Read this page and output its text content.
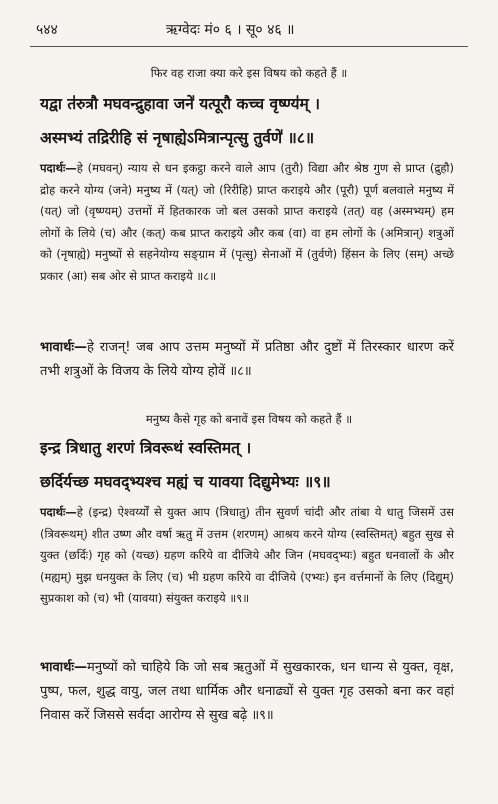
५४४	ऋग्वेदः मं० ६ । सू० ४६ ॥
फिर वह राजा क्या करे इस विषय को कहते हैं ॥
यद्वा त॑रुत्रौ मघवन्द्रुहावा जने॑ यत्पूरौ कच्च वृष्ण्य॑म् ।
अस्मभ्यं तद्रिरीहि सं नृषाह्येऽमित्रान्पृत्सु तुर्वणे॑ ॥८॥
पदार्थः—हे (मघवन्) न्याय से धन इकट्ठा करने वाले आप (तुरौ) विद्या और श्रेष्ठ गुण से प्राप्त (द्रुहौ) द्रोह करने योग्य (जने) मनुष्य में (यत्) जो (रिरीहि) प्राप्त कराइये और (पूरौ) पूर्ण बलवाले मनुष्य में (यत्) जो (वृष्ण्यम्) उत्तमों में हितकारक जो बल उसको प्राप्त कराइये (तत्) वह (अस्मभ्यम्) हम लोगों के लिये (च) और (कत्) कब प्राप्त कराइये और कब (वा) वा हम लोगों के (अमित्रान्) शत्रुओं को (नृषाह्ये) मनुष्यों से सहनेयोग्य सङ्ग्राम में (पृत्सु) सेनाओं में (तुर्वणे) हिंसन के लिए (सम्) अच्छे प्रकार (आ) सब ओर से प्राप्त कराइये ॥८॥
भावार्थः—हे राजन्! जब आप उत्तम मनुष्यों में प्रतिष्ठा और दुष्टों में तिरस्कार धारण करें तभी शत्रुओं के विजय के लिये योग्य होवें ॥८॥
मनुष्य कैसे गृह को बनावें इस विषय को कहते हैं ॥
इन्द्र त्रिधातु शरणं त्रिवरूथं स्वस्तिमत् ।
छर्दिर्यच्छ मघवद्भ्यश्च मह्यं च यावया दिद्युमेभ्यः ॥९॥
पदार्थः—हे (इन्द्र) ऐश्वर्य्यों से युक्त आप (त्रिधातु) तीन सुवर्ण चांदी और तांबा ये धातु जिसमें उस (त्रिवरूथम्) शीत उष्ण और वर्षा ऋतु में उत्तम (शरणम्) आश्रय करने योग्य (स्वस्तिमत्) बहुत सुख से युक्त (छर्दिः) गृह को (यच्छ) ग्रहण करिये वा दीजिये और जिन (मघवद्भ्यः) बहुत धनवालों के और (मह्यम्) मुझ धनयुक्त के लिए (च) भी ग्रहण करिये वा दीजिये (एभ्यः) इन वर्त्तमानों के लिए (दिद्युम्) सुप्रकाश को (च) भी (यावया) संयुक्त कराइये ॥९॥
भावार्थः—मनुष्यों को चाहिये कि जो सब ऋतुओं में सुखकारक, धन धान्य से युक्त, वृक्ष, पुष्प, फल, शुद्ध वायु, जल तथा धार्मिक और धनाढ्यों से युक्त गृह उसको बना कर वहां निवास करें जिससे सर्वदा आरोग्य से सुख बढ़े ॥९॥
